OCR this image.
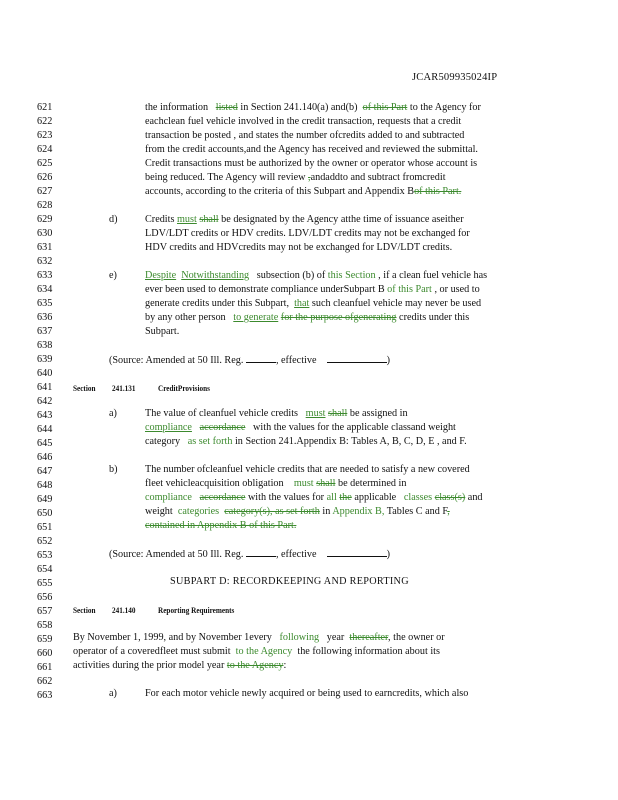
JCAR509935024IP
621
622
623
624
625
626
627
628
629
630
631
632
633
634
635
636
637
638
639
640
641
642
643
644
645
646
647
648
649
650
651
652
653
654
655
656
657
658
659
660
661
662
663
the information listed in Section 241.140(a) and(b) of this Part to the Agency for
eachclean fuel vehicle involved in the credit transaction, requests that a credit
transaction be posted , and states the number ofcredits added to and subtracted
from the credit accounts,and the Agency has received and reviewed the submittal.
Credit transactions must be authorized by the owner or operator whose account is
being reduced. The Agency will review ,andaddto and subtract fromcredit
accounts, according to the criteria of this Subpart and Appendix Bof this Part.
d)	Credits must shall be designated by the Agency atthe time of issuance aseither
LDV/LDT credits or HDV credits. LDV/LDT credits may not be exchanged for
HDV credits and HDVcredits may not be exchanged for LDV/LDT credits.
e)	Despite Notwithstanding subsection (b) of this Section , if a clean fuel vehicle has
ever been used to demonstrate compliance underSubpart B of this Part , or used to
generate credits under this Subpart, that such cleanfuel vehicle may never be used
by any other person to generate for the purpose ofgenerating credits under this
Subpart.
(Source: Amended at 50 Ill. Reg.	, effective	)
Section 241.131	CreditProvisions
a)	The value of cleanfuel vehicle credits must shall be assigned in
compliance accordance with the values for the applicable classand weight
category as set forth in Section 241.Appendix B: Tables A, B, C, D, E , and F.
b)	The number ofcleanfuel vehicle credits that are needed to satisfy a new covered
fleet vehicleacquisition obligation must shall be determined in
compliance accordance with the values for all the applicable classes class(s) and
weight categories category(s), as set forth in Appendix B, Tables C and F,
contained in Appendix B of this Part.
(Source: Amended at 50 Ill. Reg.	, effective	)
SUBPART D: RECORDKEEPING AND REPORTING
Section 241.140	Reporting Requirements
By November 1, 1999, and by November 1every following year thereafter, the owner or
operator of a coveredfleet must submit to the Agency the following information about its
activities during the prior model year to the Agency:
a)	For each motor vehicle newly acquired or being used to earncredits, which also
